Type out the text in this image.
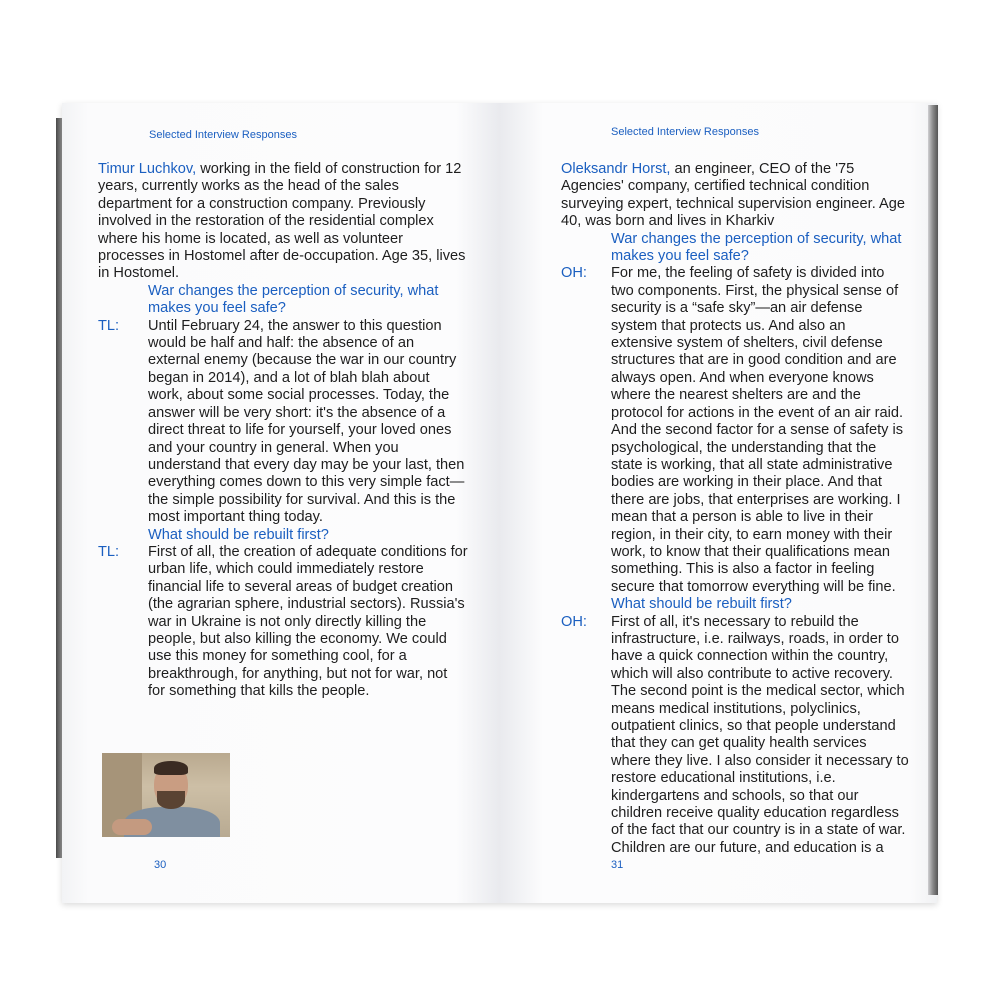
Selected Interview Responses

Timur Luchkov, working in the field of construction for 12 years, currently works as the head of the sales department for a construction company. Previously involved in the restoration of the residential complex where his home is located, as well as volunteer processes in Hostomel after de-occupation. Age 35, lives in Hostomel.

War changes the perception of security, what makes you feel safe?

TL: Until February 24, the answer to this question would be half and half: the absence of an external enemy (because the war in our country began in 2014), and a lot of blah blah about work, about some social processes. Today, the answer will be very short: it's the absence of a direct threat to life for yourself, your loved ones and your country in general. When you understand that every day may be your last, then everything comes down to this very simple fact—the simple possibility for survival. And this is the most important thing today.

What should be rebuilt first?

TL: First of all, the creation of adequate conditions for urban life, which could immediately restore financial life to several areas of budget creation (the agrarian sphere, industrial sectors). Russia's war in Ukraine is not only directly killing the people, but also killing the economy. We could use this money for something cool, for a breakthrough, for anything, but not for war, not for something that kills the people.
30
Selected Interview Responses

Oleksandr Horst, an engineer, CEO of the '75 Agencies' company, certified technical condition surveying expert, technical supervision engineer. Age 40, was born and lives in Kharkiv

War changes the perception of security, what makes you feel safe?

OH: For me, the feeling of safety is divided into two components. First, the physical sense of security is a “safe sky”—an air defense system that protects us. And also an extensive system of shelters, civil defense structures that are in good condition and are always open. And when everyone knows where the nearest shelters are and the protocol for actions in the event of an air raid. And the second factor for a sense of safety is psychological, the understanding that the state is working, that all state administrative bodies are working in their place. And that there are jobs, that enterprises are working. I mean that a person is able to live in their region, in their city, to earn money with their work, to know that their qualifications mean something. This is also a factor in feeling secure that tomorrow everything will be fine.

What should be rebuilt first?

OH: First of all, it's necessary to rebuild the infrastructure, i.e. railways, roads, in order to have a quick connection within the country, which will also contribute to active recovery. The second point is the medical sector, which means medical institutions, polyclinics, outpatient clinics, so that people understand that they can get quality health services where they live. I also consider it necessary to restore educational institutions, i.e. kindergartens and schools, so that our children receive quality education regardless of the fact that our country is in a state of war. Children are our future, and education is a
31
